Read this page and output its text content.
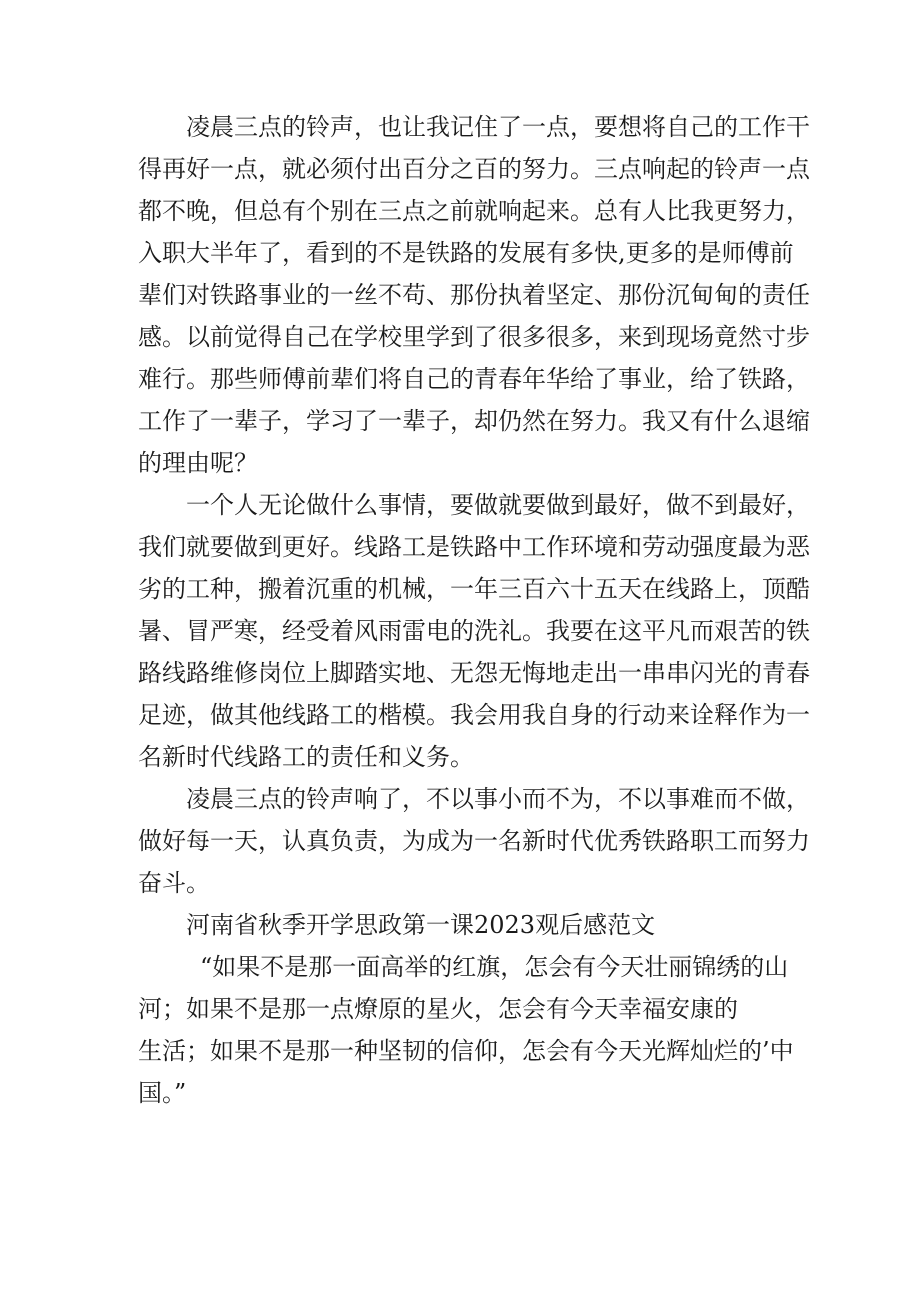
凌晨三点的铃声，也让我记住了一点，要想将自己的工作干
得再好一点，就必须付出百分之百的努力。三点响起的铃声一点
都不晚，但总有个别在三点之前就响起来。总有人比我更努力，
入职大半年了，看到的不是铁路的发展有多快,更多的是师傅前
辈们对铁路事业的一丝不苟、那份执着坚定、那份沉甸甸的责任
感。以前觉得自己在学校里学到了很多很多，来到现场竟然寸步
难行。那些师傅前辈们将自己的青春年华给了事业，给了铁路，
工作了一辈子，学习了一辈子，却仍然在努力。我又有什么退缩
的理由呢？
一个人无论做什么事情，要做就要做到最好，做不到最好，
我们就要做到更好。线路工是铁路中工作环境和劳动强度最为恶
劣的工种，搬着沉重的机械，一年三百六十五天在线路上，顶酷
暑、冒严寒，经受着风雨雷电的洗礼。我要在这平凡而艰苦的铁
路线路维修岗位上脚踏实地、无怨无悔地走出一串串闪光的青春
足迹，做其他线路工的楷模。我会用我自身的行动来诠释作为一
名新时代线路工的责任和义务。
凌晨三点的铃声响了，不以事小而不为，不以事难而不做，
做好每一天，认真负责，为成为一名新时代优秀铁路职工而努力
奋斗。
河南省秋季开学思政第一课2023观后感范文
“如果不是那一面高举的红旗，怎会有今天壮丽锦绣的山
河；如果不是那一点燎原的星火，怎会有今天幸福安康的
生活；如果不是那一种坚韧的信仰，怎会有今天光辉灿烂的’中
国。”
